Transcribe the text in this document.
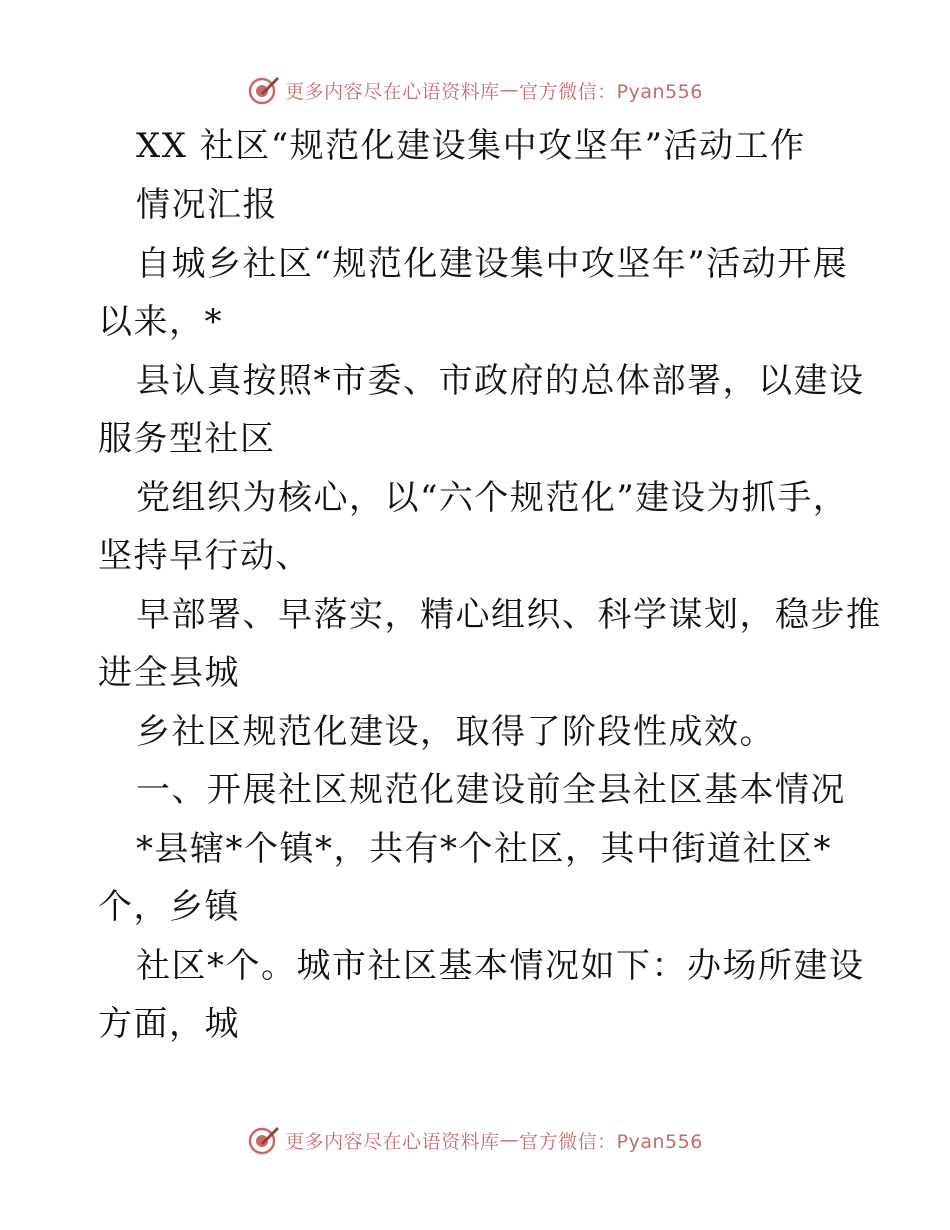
更多内容尽在心语资料库 — 官方微信：Pyan556
XX 社区“规范化建设集中攻坚年”活动工作
情况汇报
自城乡社区“规范化建设集中攻坚年”活动开展
以来，*
县认真按照*市委、市政府的总体部署，以建设
服务型社区
党组织为核心，以“六个规范化”建设为抓手，
坚持早行动、
早部署、早落实，精心组织、科学谋划，稳步推
进全县城
乡社区规范化建设，取得了阶段性成效。
一、开展社区规范化建设前全县社区基本情况
*县辖*个镇*，共有*个社区，其中街道社区*
个，乡镇
社区*个。城市社区基本情况如下：办场所建设
方面，城
更多内容尽在心语资料库 — 官方微信：Pyan556
